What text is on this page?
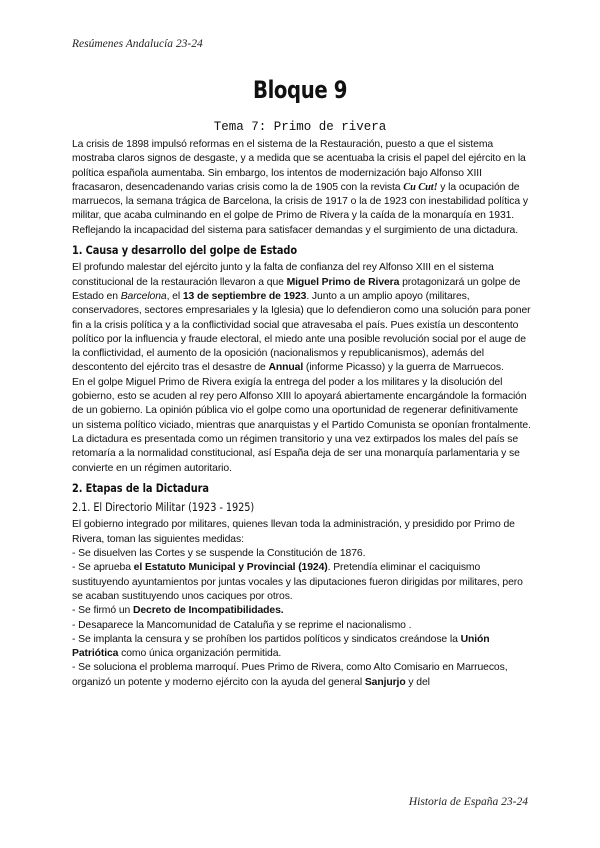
Resúmenes Andalucía 23-24
Bloque 9
Tema 7: Primo de rivera

La crisis de 1898 impulsó reformas en el sistema de la Restauración, puesto a que el sistema mostraba claros signos de desgaste, y a medida que se acentuaba la crisis el papel del ejército en la política española aumentaba. Sin embargo, los intentos de modernización bajo Alfonso XIII fracasaron, desencadenando varias crisis como la de 1905 con la revista Cu Cut! y la ocupación de marruecos, la semana trágica de Barcelona, la crisis de 1917 o la de 1923 con inestabilidad política y militar, que acaba culminando en el golpe de Primo de Rivera y la caída de la monarquía en 1931. Reflejando la incapacidad del sistema para satisfacer demandas y el surgimiento de una dictadura.

1. Causa y desarrollo del golpe de Estado

El profundo malestar del ejército junto y la falta de confianza del rey Alfonso XIII en el sistema constitucional de la restauración llevaron a que Miguel Primo de Rivera protagonizará un golpe de Estado en Barcelona, el 13 de septiembre de 1923. Junto a un amplio apoyo (militares, conservadores, sectores empresariales y la Iglesia) que lo defendieron como una solución para poner fin a la crisis política y a la conflictividad social que atravesaba el país. Pues existía un descontento político por la influencia y fraude electoral, el miedo ante una posible revolución social por el auge de la conflictividad, el aumento de la oposición (nacionalismos y republicanismos), además del descontento del ejército tras el desastre de Annual (informe Picasso) y la guerra de Marruecos.

En el golpe Miguel Primo de Rivera exigía la entrega del poder a los militares y la disolución del gobierno, esto se acuden al rey pero Alfonso XIII lo apoyará abiertamente encargándole la formación de un gobierno. La opinión pública vio el golpe como una oportunidad de regenerar definitivamente un sistema político viciado, mientras que anarquistas y el Partido Comunista se oponían frontalmente. La dictadura es presentada como un régimen transitorio y una vez extirpados los males del país se retomaría a la normalidad constitucional, así España deja de ser una monarquía parlamentaria y se convierte en un régimen autoritario.

2. Etapas de la Dictadura

2.1. El Directorio Militar (1923 - 1925)

El gobierno integrado por militares, quienes llevan toda la administración, y presidido por Primo de Rivera, toman las siguientes medidas:

- Se disuelven las Cortes y se suspende la Constitución de 1876.

- Se aprueba el Estatuto Municipal y Provincial (1924). Pretendía eliminar el caciquismo sustituyendo ayuntamientos por juntas vocales y las diputaciones fueron dirigidas por militares, pero se acaban sustituyendo unos caciques por otros.

- Se firmó un Decreto de Incompatibilidades.

- Desaparece la Mancomunidad de Cataluña y se reprime el nacionalismo .

- Se implanta la censura y se prohíben los partidos políticos y sindicatos creándose la Unión Patriótica como única organización permitida.

- Se soluciona el problema marroquí. Pues Primo de Rivera, como Alto Comisario en Marruecos, organizó un potente y moderno ejército con la ayuda del general Sanjurjo y del

Historia de España 23-24
